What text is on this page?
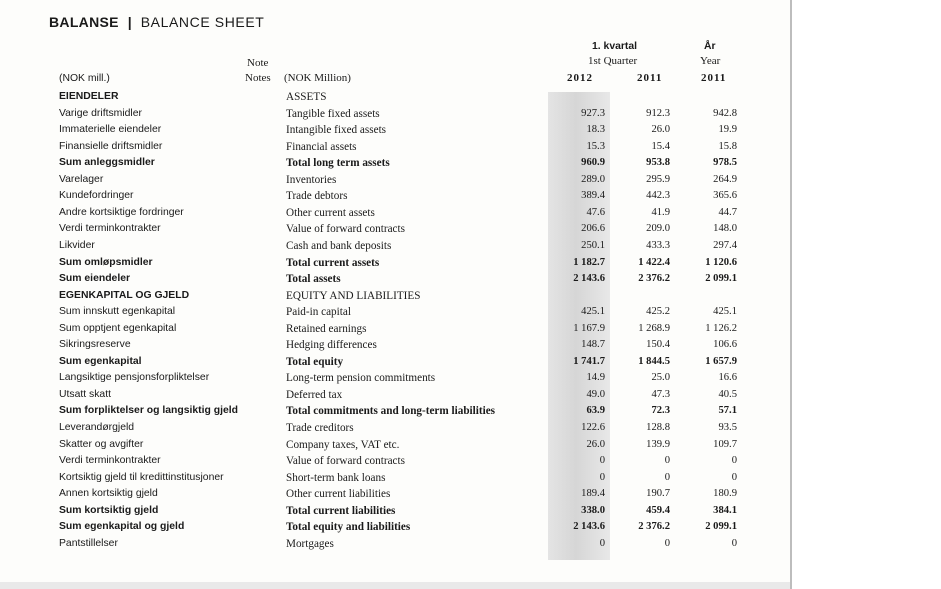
BALANSE | BALANCE SHEET
Note
Notes
(NOK mill.)	(NOK Million)
1. kvartal
1st Quarter
År
Year
2012	2011	2011
EIENDELER	ASSETS
Varige driftsmidler	Tangible fixed assets	927.3	912.3	942.8
Immaterielle eiendeler	Intangible fixed assets	18.3	26.0	19.9
Finansielle driftsmidler	Financial assets	15.3	15.4	15.8
Sum anleggsmidler	Total long term assets	960.9	953.8	978.5
Varelager	Inventories	289.0	295.9	264.9
Kundefordringer	Trade debtors	389.4	442.3	365.6
Andre kortsiktige fordringer	Other current assets	47.6	41.9	44.7
Verdi terminkontrakter	Value of forward contracts	206.6	209.0	148.0
Likvider	Cash and bank deposits	250.1	433.3	297.4
Sum omløpsmidler	Total current assets	1 182.7	1 422.4	1 120.6
Sum eiendeler	Total assets	2 143.6	2 376.2	2 099.1
EGENKAPITAL OG GJELD	EQUITY AND LIABILITIES
Sum innskutt egenkapital	Paid-in capital	425.1	425.2	425.1
Sum opptjent egenkapital	Retained earnings	1 167.9	1 268.9	1 126.2
Sikringsreserve	Hedging differences	148.7	150.4	106.6
Sum egenkapital	Total equity	1 741.7	1 844.5	1 657.9
Langsiktige pensjonsforpliktelser	Long-term pension commitments	14.9	25.0	16.6
Utsatt skatt	Deferred tax	49.0	47.3	40.5
Sum forpliktelser og langsiktig gjeld	Total commitments and long-term liabilities	63.9	72.3	57.1
Leverandørgjeld	Trade creditors	122.6	128.8	93.5
Skatter og avgifter	Company taxes, VAT etc.	26.0	139.9	109.7
Verdi terminkontrakter	Value of forward contracts	0	0	0
Kortsiktig gjeld til kredittinstitusjoner	Short-term bank loans	0	0	0
Annen kortsiktig gjeld	Other current liabilities	189.4	190.7	180.9
Sum kortsiktig gjeld	Total current liabilities	338.0	459.4	384.1
Sum egenkapital og gjeld	Total equity and liabilities	2 143.6	2 376.2	2 099.1
Pantstillelser	Mortgages	0	0	0
